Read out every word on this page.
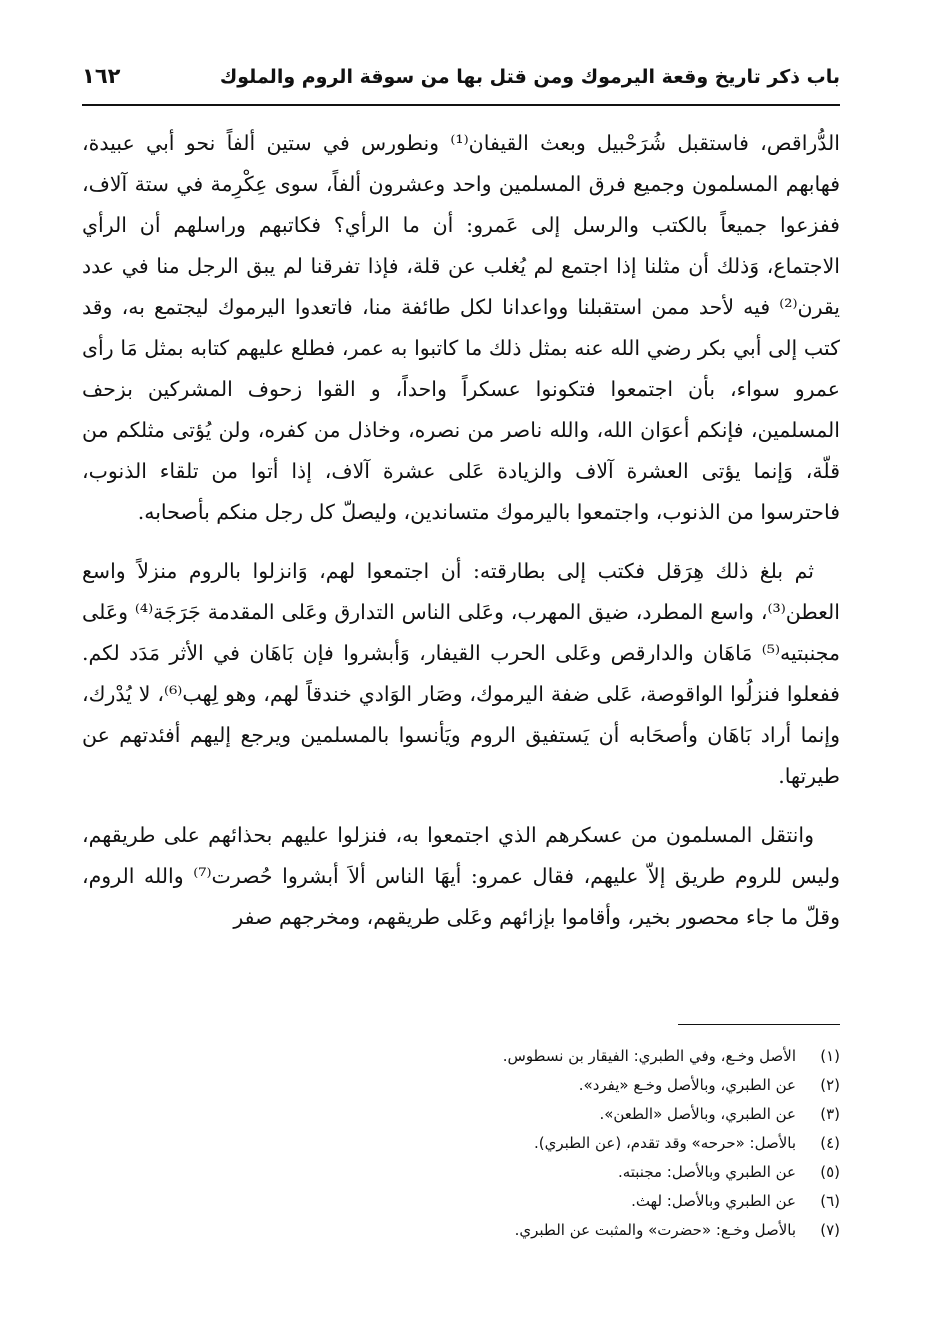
باب ذكر تاريخ وقعة اليرموك ومن قتل بها من سوقة الروم والملوك
١٦٢

الدُّراقص، فاستقبل شُرَحْبيل وبعث القيفان⁽¹⁾ ونطورس في ستين ألفاً نحو أبي عبيدة، فهابهم المسلمون وجميع فرق المسلمين واحد وعشرون ألفاً، سوى عِكْرِمة في ستة آلاف، ففزعوا جميعاً بالكتب والرسل إلى عَمرو: أن ما الرأي؟ فكاتبهم وراسلهم أن الرأي الاجتماع، وَذلك أن مثلنا إذا اجتمع لم يُغلب عن قلة، فإذا تفرقنا لم يبق الرجل منا في عدد يقرن⁽²⁾ فيه لأحد ممن استقبلنا وواعدانا لكل طائفة منا، فاتعدوا اليرموك ليجتمع به، وقد كتب إلى أبي بكر رضي الله عنه بمثل ذلك ما كاتبوا به عمر، فطلع عليهم كتابه بمثل مَا رأى عمرو سواء، بأن اجتمعوا فتكونوا عسكراً واحداً، و القوا زحوف المشركين بزحف المسلمين، فإنكم أعوَان الله، والله ناصر من نصره، وخاذل من كفره، ولن يُؤتى مثلكم من قلّة، وَإنما يؤتى العشرة آلاف والزيادة عَلى عشرة آلاف، إذا أتوا من تلقاء الذنوب، فاحترسوا من الذنوب، واجتمعوا باليرموك متساندين، وليصلّ كل رجل منكم بأصحابه.

ثم بلغ ذلك هِرَقل فكتب إلى بطارقته: أن اجتمعوا لهم، وَانزلوا بالروم منزلاً واسع العطن⁽³⁾، واسع المطرد، ضيق المهرب، وعَلى الناس التدارق وعَلى المقدمة جَرَجَة⁽⁴⁾ وعَلى مجنبتيه⁽⁵⁾ مَاهَان والدارقص وعَلى الحرب القيفار، وَأبشروا فإن بَاهَان في الأثر مَدَد لكم. ففعلوا فنزلُوا الواقوصة، عَلى ضفة اليرموك، وصَار الوَادي خندقاً لهم، وهو لِهب⁽⁶⁾، لا يُدْرك، وإنما أراد بَاهَان وأصحَابه أن يَستفيق الروم ويَأنسوا بالمسلمين ويرجع إليهم أفئدتهم عن طيرتها.

وانتقل المسلمون من عسكرهم الذي اجتمعوا به، فنزلوا عليهم بحذائهم على طريقهم، وليس للروم طريق إلاّ عليهم، فقال عمرو: أيهَا الناس ألاَ أبشروا حُصرت⁽⁷⁾ والله الروم، وقلّ ما جاء محصور بخير، وأقاموا بإزائهم وعَلى طريقهم، ومخرجهم صفر

(١)الأصل وخـع، وفي الطبري: الفيقار بن نسطوس.
(٢)عن الطبري، وبالأصل وخـع «يفرد».
(٣)عن الطبري، وبالأصل «الطعن».
(٤)بالأصل: «حرحه» وقد تقدم، (عن الطبري).
(٥)عن الطبري وبالأصل: مجنبته.
(٦)عن الطبري وبالأصل: لهث.
(٧)بالأصل وخـع: «حضرت» والمثبت عن الطبري.
